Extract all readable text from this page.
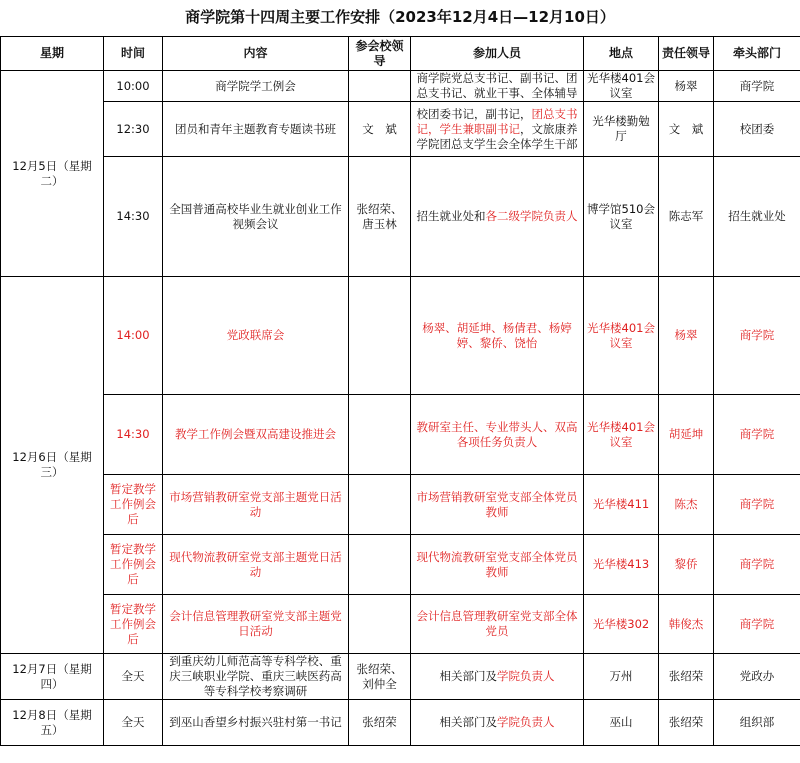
商学院第十四周主要工作安排（2023年12月4日—12月10日）
星期	时间	内容	参会校领导	参加人员	地点	责任领导	牵头部门
12月5日（星期二）	10:00	商学院学工例会		商学院党总支书记、副书记、团总支书记、就业干事、全体辅导	光华楼401会议室	杨翠	商学院
	12:30	团员和青年主题教育专题读书班	文　斌	校团委书记，副书记，团总支书记，学生兼职副书记，文旅康养学院团总支学生会全体学生干部	光华楼勤勉厅	文　斌	校团委
	14:30	全国普通高校毕业生就业创业工作视频会议	张绍荣、唐玉林	招生就业处和各二级学院负责人	博学馆510会议室	陈志军	招生就业处
12月6日（星期三）	14:00	党政联席会		杨翠、胡延坤、杨倩君、杨婷婷、黎侨、饶怡	光华楼401会议室	杨翠	商学院
	14:30	教学工作例会暨双高建设推进会		教研室主任、专业带头人、双高各项任务负责人	光华楼401会议室	胡延坤	商学院
	暂定教学工作例会后	市场营销教研室党支部主题党日活动		市场营销教研室党支部全体党员教师	光华楼411	陈杰	商学院
	暂定教学工作例会后	现代物流教研室党支部主题党日活动		现代物流教研室党支部全体党员教师	光华楼413	黎侨	商学院
	暂定教学工作例会后	会计信息管理教研室党支部主题党日活动		会计信息管理教研室党支部全体党员	光华楼302	韩俊杰	商学院
12月7日（星期四）	全天	到重庆幼儿师范高等专科学校、重庆三峡职业学院、重庆三峡医药高等专科学校考察调研	张绍荣、刘仲全	相关部门及学院负责人	万州	张绍荣	党政办
12月8日（星期五）	全天	到巫山香望乡村振兴驻村第一书记	张绍荣	相关部门及学院负责人	巫山	张绍荣	组织部
